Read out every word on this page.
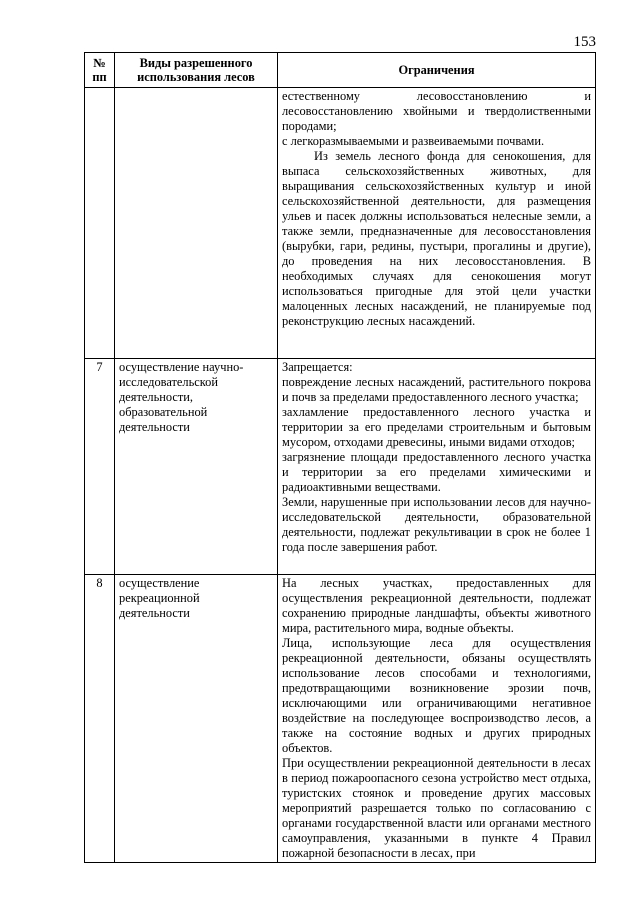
153
№ пп	Виды разрешенного использования лесов	Ограничения

		естественному лесовосстановлению и лесовосстановлению хвойными и твердолиственными породами;

с легкоразмываемыми и развеиваемыми почвами.

Из земель лесного фонда для сенокошения, для выпаса сельскохозяйственных животных, для выращивания сельскохозяйственных культур и иной сельскохозяйственной деятельности, для размещения ульев и пасек должны использоваться нелесные земли, а также земли, предназначенные для лесовосстановления (вырубки, гари, редины, пустыри, прогалины и другие), до проведения на них лесовосстановления. В необходимых случаях для сенокошения могут использоваться пригодные для этой цели участки малоценных лесных насаждений, не планируемые под реконструкцию лесных насаждений.

7	осуществление научно-исследовательской деятельности, образовательной деятельности	Запрещается:

повреждение лесных насаждений, растительного покрова и почв за пределами предоставленного лесного участка;

захламление предоставленного лесного участка и территории за его пределами строительным и бытовым мусором, отходами древесины, иными видами отходов;

загрязнение площади предоставленного лесного участка и территории за его пределами химическими и радиоактивными веществами.

Земли, нарушенные при использовании лесов для научно-исследовательской деятельности, образовательной деятельности, подлежат рекультивации в срок не более 1 года после завершения работ.

8	осуществление рекреационной деятельности	На лесных участках, предоставленных для осуществления рекреационной деятельности, подлежат сохранению природные ландшафты, объекты животного мира, растительного мира, водные объекты.

Лица, использующие леса для осуществления рекреационной деятельности, обязаны осуществлять использование лесов способами и технологиями, предотвращающими возникновение эрозии почв, исключающими или ограничивающими негативное воздействие на последующее воспроизводство лесов, а также на состояние водных и других природных объектов.

При осуществлении рекреационной деятельности в лесах в период пожароопасного сезона устройство мест отдыха, туристских стоянок и проведение других массовых мероприятий разрешается только по согласованию с органами государственной власти или органами местного самоуправления, указанными в пункте 4 Правил пожарной безопасности в лесах, при
